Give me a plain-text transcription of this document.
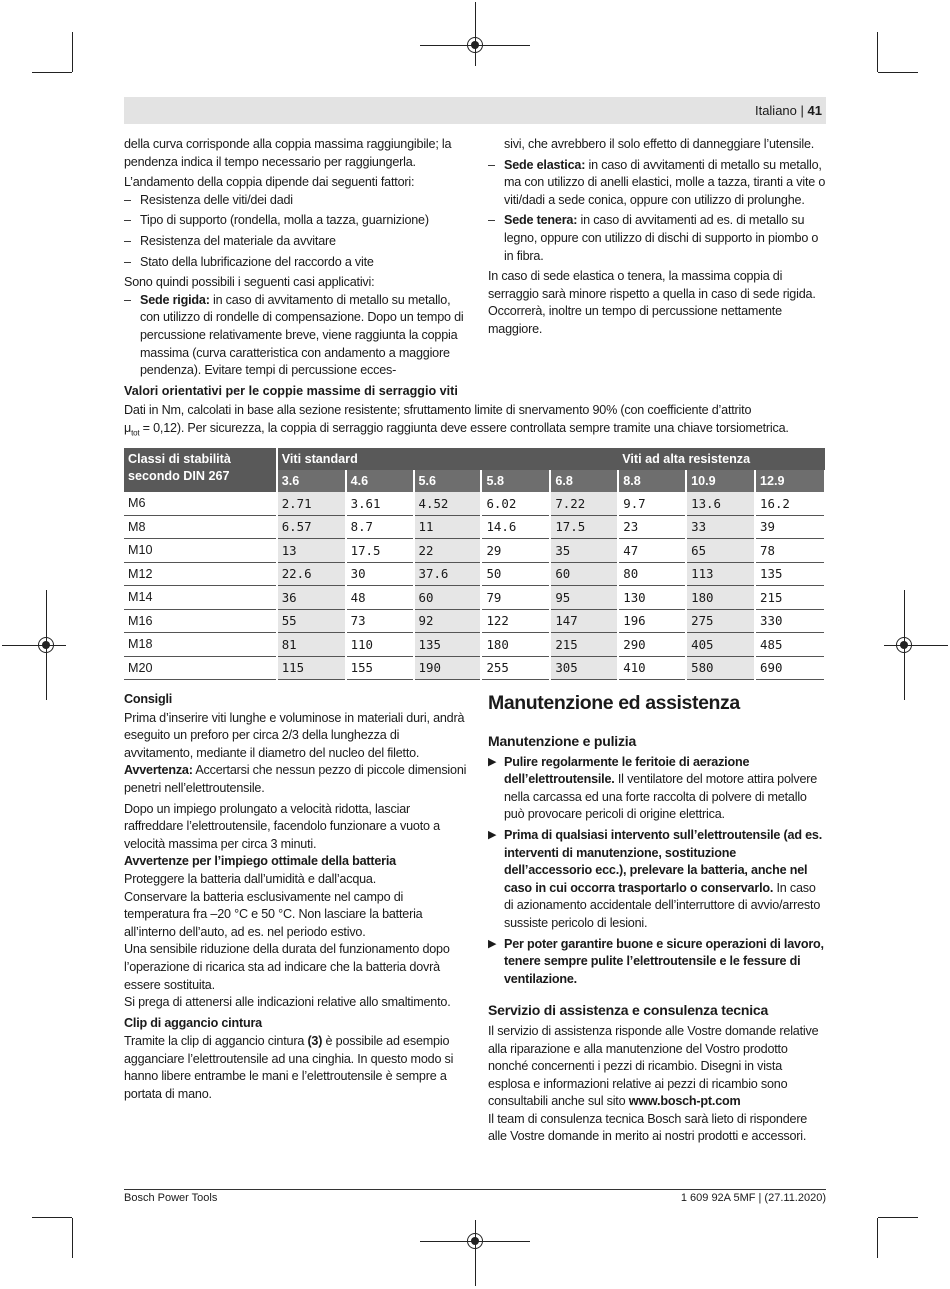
Italiano | 41

della curva corrisponde alla coppia massima raggiungibile; la pendenza indica il tempo necessario per raggiungerla.

L’andamento della coppia dipende dai seguenti fattori:

– Resistenza delle viti/dei dadi
– Tipo di supporto (rondella, molla a tazza, guarnizione)
– Resistenza del materiale da avvitare
– Stato della lubrificazione del raccordo a vite

Sono quindi possibili i seguenti casi applicativi:

– Sede rigida: in caso di avvitamento di metallo su metallo, con utilizzo di rondelle di compensazione. Dopo un tempo di percussione relativamente breve, viene raggiunta la coppia massima (curva caratteristica con andamento a maggiore pendenza). Evitare tempi di percussione ecces-
sivi, che avrebbero il solo effetto di danneggiare l’utensile.
– Sede elastica: in caso di avvitamenti di metallo su metallo, ma con utilizzo di anelli elastici, molle a tazza, tiranti a vite o viti/dadi a sede conica, oppure con utilizzo di prolunghe.
– Sede tenera: in caso di avvitamenti ad es. di metallo su legno, oppure con utilizzo di dischi di supporto in piombo o in fibra.

In caso di sede elastica o tenera, la massima coppia di serraggio sarà minore rispetto a quella in caso di sede rigida. Occorrerà, inoltre un tempo di percussione nettamente maggiore.

Valori orientativi per le coppie massime di serraggio viti
Dati in Nm, calcolati in base alla sezione resistente; sfruttamento limite di snervamento 90% (con coefficiente d’attrito
$\mu_{tot} = 0,12$). Per sicurezza, la coppia di serraggio raggiunta deve essere controllata sempre tramite una chiave torsiometrica.
Classi di stabilità secondo DIN 267	Viti standard					Viti ad alta resistenza		
	3.6	4.6	5.6	5.8	6.8	8.8	10.9	12.9
M6	2.71	3.61	4.52	6.02	7.22	9.7	13.6	16.2
M8	6.57	8.7	11	14.6	17.5	23	33	39
M10	13	17.5	22	29	35	47	65	78
M12	22.6	30	37.6	50	60	80	113	135
M14	36	48	60	79	95	130	180	215
M16	55	73	92	122	147	196	275	330
M18	81	110	135	180	215	290	405	485
M20	115	155	190	255	305	410	580	690

Consigli

Prima d’inserire viti lunghe e voluminose in materiali duri, andrà eseguito un preforo per circa 2/3 della lunghezza di avvitamento, mediante il diametro del nucleo del filetto.

Avvertenza: Accertarsi che nessun pezzo di piccole dimensioni penetri nell’elettroutensile.

Dopo un impiego prolungato a velocità ridotta, lasciar raffreddare l’elettroutensile, facendolo funzionare a vuoto a velocità massima per circa 3 minuti.

Avvertenze per l’impiego ottimale della batteria

Proteggere la batteria dall’umidità e dall’acqua.

Conservare la batteria esclusivamente nel campo di temperatura fra –20 °C e 50 °C. Non lasciare la batteria all’interno dell’auto, ad es. nel periodo estivo.

Una sensibile riduzione della durata del funzionamento dopo l’operazione di ricarica sta ad indicare che la batteria dovrà essere sostituita.

Si prega di attenersi alle indicazioni relative allo smaltimento.

Clip di aggancio cintura

Tramite la clip di aggancio cintura (3) è possibile ad esempio agganciare l’elettroutensile ad una cinghia. In questo modo si hanno libere entrambe le mani e l’elettroutensile è sempre a portata di mano.

Manutenzione ed assistenza

Manutenzione e pulizia

▶ Pulire regolarmente le feritoie di aerazione dell’elettroutensile. Il ventilatore del motore attira polvere nella carcassa ed una forte raccolta di polvere di metallo può provocare pericoli di origine elettrica.
▶ Prima di qualsiasi intervento sull’elettroutensile (ad es. interventi di manutenzione, sostituzione dell’accessorio ecc.), prelevare la batteria, anche nel caso in cui occorra trasportarlo o conservarlo. In caso di azionamento accidentale dell’interruttore di avvio/arresto sussiste pericolo di lesioni.
▶ Per poter garantire buone e sicure operazioni di lavoro, tenere sempre pulite l’elettroutensile e le fessure di ventilazione.

Servizio di assistenza e consulenza tecnica

Il servizio di assistenza risponde alle Vostre domande relative alla riparazione e alla manutenzione del Vostro prodotto nonché concernenti i pezzi di ricambio. Disegni in vista esplosa e informazioni relative ai pezzi di ricambio sono consultabili anche sul sito www.bosch-pt.com

Il team di consulenza tecnica Bosch sarà lieto di rispondere alle Vostre domande in merito ai nostri prodotti e accessori.

Bosch Power Tools	1 609 92A 5MF | (27.11.2020)
